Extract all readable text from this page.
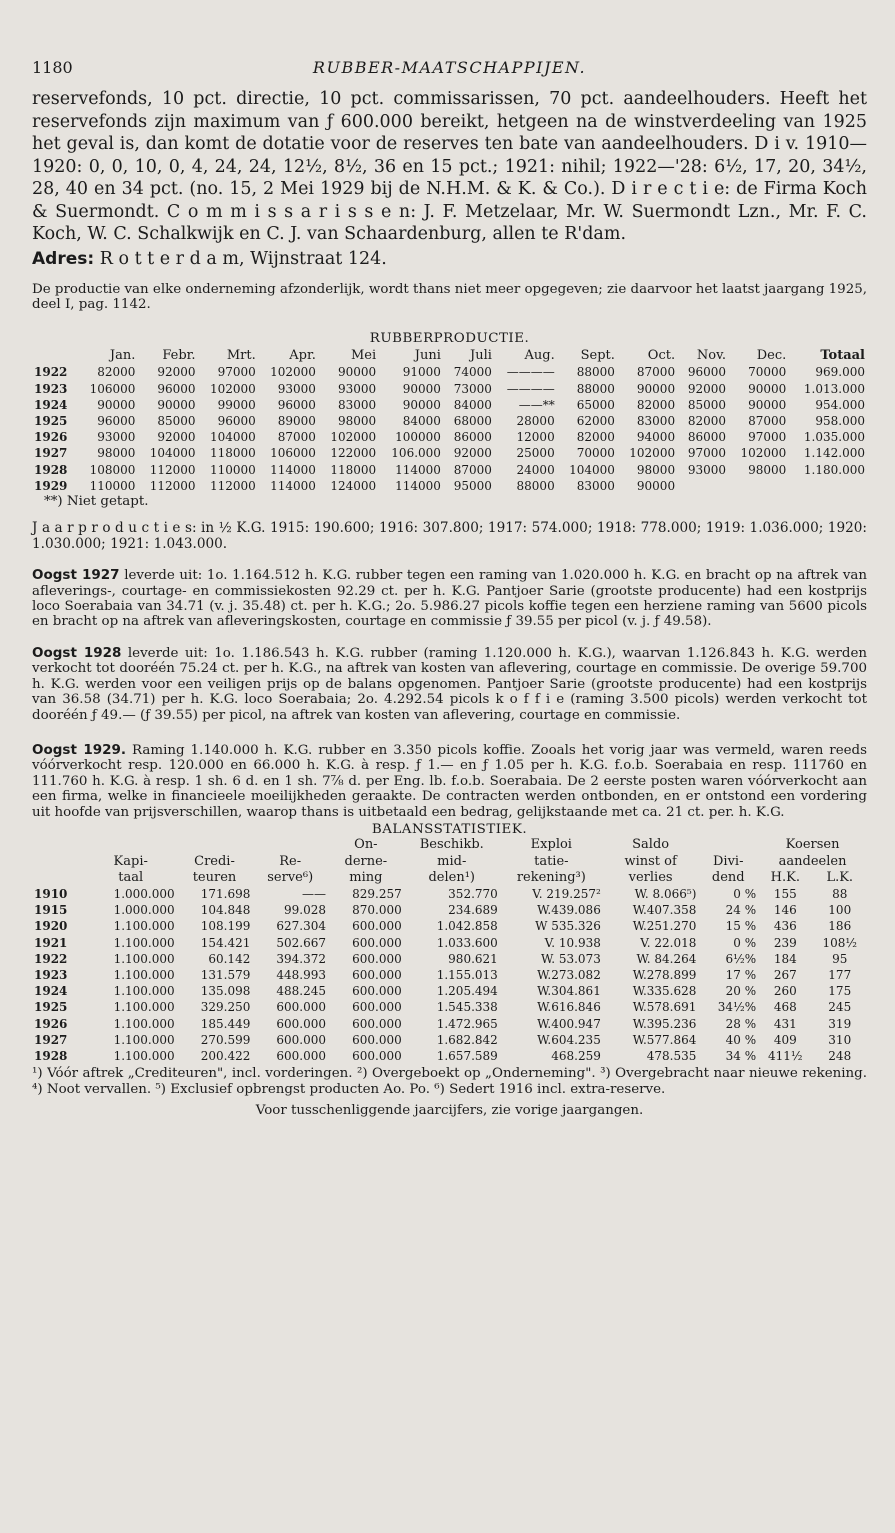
1180	RUBBER-MAATSCHAPPIJEN.

reservefonds, 10 pct. directie, 10 pct. commissarissen, 70 pct. aandeelhouders. Heeft het reservefonds zijn maximum van ƒ 600.000 bereikt, hetgeen na de winstverdeeling van 1925 het geval is, dan komt de dotatie voor de reserves ten bate van aandeelhouders. D i v. 1910—1920: 0, 0, 10, 0, 4, 24, 24, 12½, 8½, 36 en 15 pct.; 1921: nihil; 1922—'28: 6½, 17, 20, 34½, 28, 40 en 34 pct. (no. 15, 2 Mei 1929 bij de N.H.M. & K. & Co.). D i r e c t i e: de Firma Koch & Suermondt. C o m m i s s a r i s s e n: J. F. Metzelaar, Mr. W. Suermondt Lzn., Mr. F. C. Koch, W. C. Schalkwijk en C. J. van Schaardenburg, allen te R'dam.

Adres: R o t t e r d a m, Wijnstraat 124.

De productie van elke onderneming afzonderlijk, wordt thans niet meer opgegeven; zie daarvoor het laatst jaargang 1925, deel I, pag. 1142.

RUBBERPRODUCTIE.
	Jan.	Febr.	Mrt.	Apr.	Mei	Juni	Juli	Aug.	Sept.	Oct.	Nov.	Dec.	Totaal
1922	82000	92000	97000	102000	90000	91000	74000	————	88000	87000	96000	70000	969.000
1923	106000	96000	102000	93000	93000	90000	73000	————	88000	90000	92000	90000	1.013.000
1924	90000	90000	99000	96000	83000	90000	84000	——**	65000	82000	85000	90000	954.000
1925	96000	85000	96000	89000	98000	84000	68000	28000	62000	83000	82000	87000	958.000
1926	93000	92000	104000	87000	102000	100000	86000	12000	82000	94000	86000	97000	1.035.000
1927	98000	104000	118000	106000	122000	106.000	92000	25000	70000	102000	97000	102000	1.142.000
1928	108000	112000	110000	114000	118000	114000	87000	24000	104000	98000	93000	98000	1.180.000
1929	110000	112000	112000	114000	124000	114000	95000	88000	83000	90000			
**) Niet getapt.

J a a r p r o d u c t i e s: in ½ K.G. 1915: 190.600; 1916: 307.800; 1917: 574.000; 1918: 778.000; 1919: 1.036.000; 1920: 1.030.000; 1921: 1.043.000.

Oogst 1927 leverde uit: 1o. 1.164.512 h. K.G. rubber tegen een raming van 1.020.000 h. K.G. en bracht op na aftrek van afleverings-, courtage- en commissiekosten 92.29 ct. per h. K.G. Pantjoer Sarie (grootste producente) had een kostprijs loco Soerabaia van 34.71 (v. j. 35.48) ct. per h. K.G.; 2o. 5.986.27 picols koffie tegen een herziene raming van 5600 picols en bracht op na aftrek van afleveringskosten, courtage en commissie ƒ 39.55 per picol (v. j. ƒ 49.58).

Oogst 1928 leverde uit: 1o. 1.186.543 h. K.G. rubber (raming 1.120.000 h. K.G.), waarvan 1.126.843 h. K.G. werden verkocht tot dooréén 75.24 ct. per h. K.G., na aftrek van kosten van aflevering, courtage en commissie. De overige 59.700 h. K.G. werden voor een veiligen prijs op de balans opgenomen. Pantjoer Sarie (grootste producente) had een kostprijs van 36.58 (34.71) per h. K.G. loco Soerabaia; 2o. 4.292.54 picols k o f f i e (raming 3.500 picols) werden verkocht tot dooréén ƒ 49.— (ƒ 39.55) per picol, na aftrek van kosten van aflevering, courtage en commissie.

Oogst 1929. Raming 1.140.000 h. K.G. rubber en 3.350 picols koffie. Zooals het vorig jaar was vermeld, waren reeds vóórverkocht resp. 120.000 en 66.000 h. K.G. à resp. ƒ 1.— en ƒ 1.05 per h. K.G. f.o.b. Soerabaia en resp. 111760 en 111.760 h. K.G. à resp. 1 sh. 6 d. en 1 sh. 7⅞ d. per Eng. lb. f.o.b. Soerabaia. De 2 eerste posten waren vóórverkocht aan een firma, welke in financieele moeilijkheden geraakte. De contracten werden ontbonden, en er ontstond een vordering uit hoofde van prijsverschillen, waarop thans is uitbetaald een bedrag, gelijkstaande met ca. 21 ct. per. h. K.G.

BALANSSTATISTIEK.
				On-	Beschikb.	Exploi	Saldo		Koersen	
	Kapi-	Credi-	Re-	derne-	mid-	tatie-	winst of	Divi-	aandeelen	
	taal	teuren	serve⁶)	ming	delen¹)	rekening³)	verlies	dend	H.K.	L.K.
1910	1.000.000	171.698	——	829.257	352.770	V. 219.257²	W. 8.066⁵)	0 %	155	88
1915	1.000.000	104.848	99.028	870.000	234.689	W.439.086	W.407.358	24 %	146	100
1920	1.100.000	108.199	627.304	600.000	1.042.858	W 535.326	W.251.270	15 %	436	186
1921	1.100.000	154.421	502.667	600.000	1.033.600	V. 10.938	V. 22.018	0 %	239	108½
1922	1.100.000	60.142	394.372	600.000	980.621	W. 53.073	W. 84.264	6½%	184	95
1923	1.100.000	131.579	448.993	600.000	1.155.013	W.273.082	W.278.899	17 %	267	177
1924	1.100.000	135.098	488.245	600.000	1.205.494	W.304.861	W.335.628	20 %	260	175
1925	1.100.000	329.250	600.000	600.000	1.545.338	W.616.846	W.578.691	34½%	468	245
1926	1.100.000	185.449	600.000	600.000	1.472.965	W.400.947	W.395.236	28 %	431	319
1927	1.100.000	270.599	600.000	600.000	1.682.842	W.604.235	W.577.864	40 %	409	310
1928	1.100.000	200.422	600.000	600.000	1.657.589	468.259	478.535	34 %	411½	248

¹) Vóór aftrek „Crediteuren", incl. vorderingen. ²) Overgeboekt op „Onderneming". ³) Overgebracht naar nieuwe rekening. ⁴) Noot vervallen. ⁵) Exclusief opbrengst producten Ao. Po. ⁶) Sedert 1916 incl. extra-reserve.

Voor tusschenliggende jaarcijfers, zie vorige jaargangen.
